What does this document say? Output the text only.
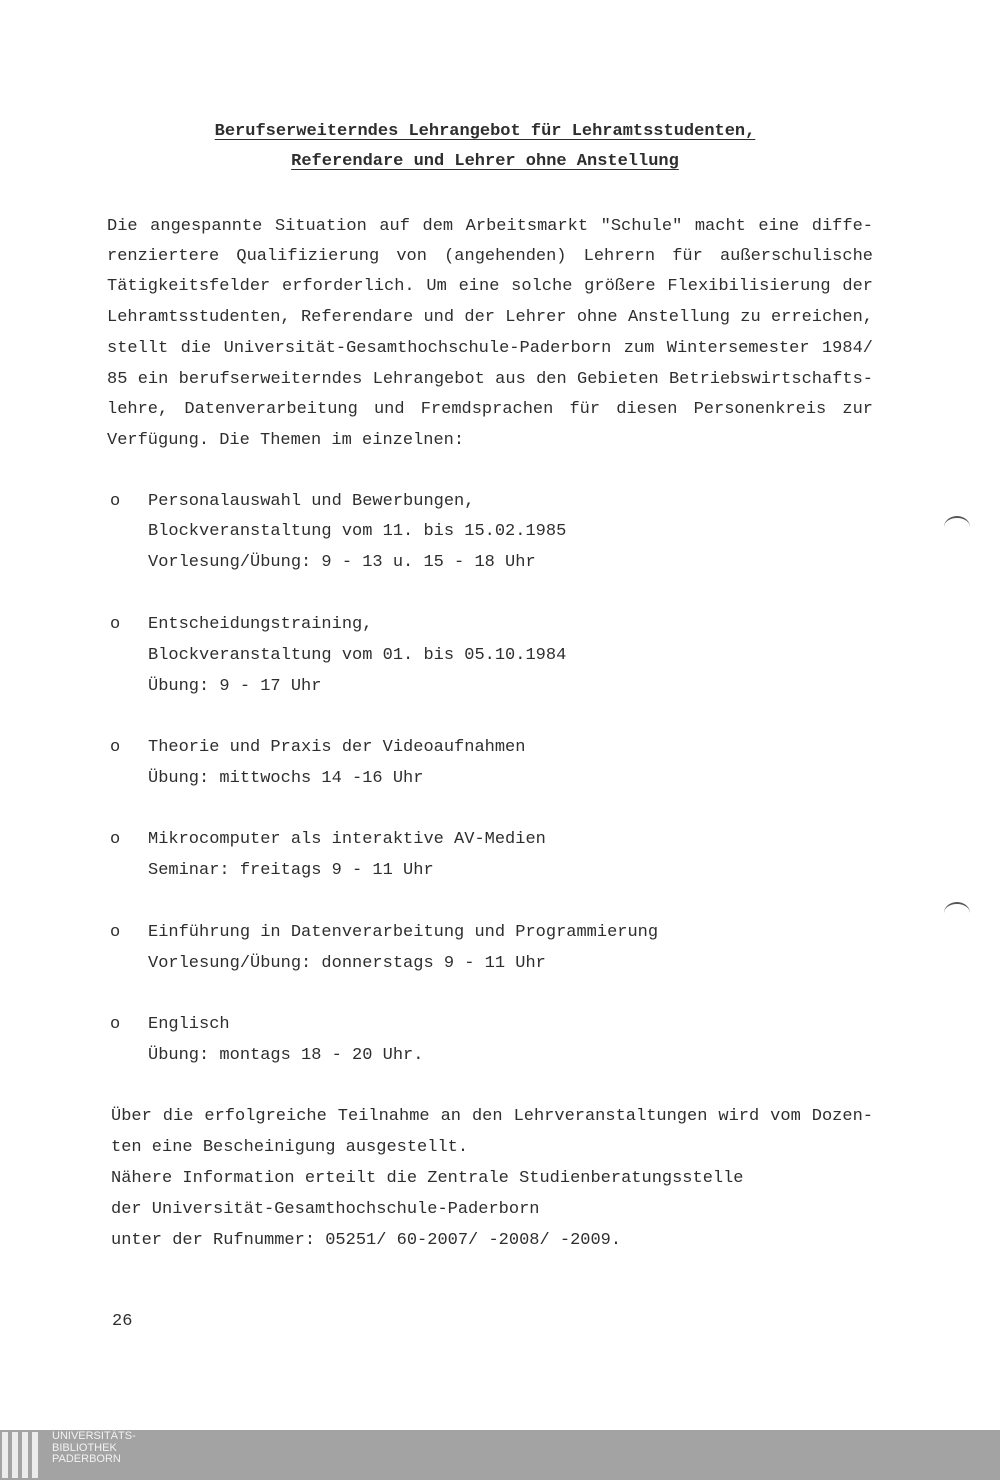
Berufserweiterndes Lehrangebot für Lehramtsstudenten,
Referendare und Lehrer ohne Anstellung
Die angespannte Situation auf dem Arbeitsmarkt "Schule" macht eine diffe-
renziertere Qualifizierung von (angehenden) Lehrern für außerschulische
Tätigkeitsfelder erforderlich. Um eine solche größere Flexibilisierung der
Lehramtsstudenten, Referendare und der Lehrer ohne Anstellung zu erreichen,
stellt die Universität-Gesamthochschule-Paderborn zum Wintersemester 1984/
85 ein berufserweiterndes Lehrangebot aus den Gebieten Betriebswirtschafts-
lehre, Datenverarbeitung und Fremdsprachen für diesen Personenkreis zur
Verfügung. Die Themen im einzelnen:
o Personalauswahl und Bewerbungen,
Blockveranstaltung vom 11. bis 15.02.1985
Vorlesung/Übung: 9 - 13 u. 15 - 18 Uhr
o Entscheidungstraining,
Blockveranstaltung vom 01. bis 05.10.1984
Übung: 9 - 17 Uhr
o Theorie und Praxis der Videoaufnahmen
Übung: mittwochs 14 -16 Uhr
o Mikrocomputer als interaktive AV-Medien
Seminar: freitags 9 - 11 Uhr
o Einführung in Datenverarbeitung und Programmierung
Vorlesung/Übung: donnerstags 9 - 11 Uhr
o Englisch
Übung: montags 18 - 20 Uhr.
Über die erfolgreiche Teilnahme an den Lehrveranstaltungen wird vom Dozen-
ten eine Bescheinigung ausgestellt.
Nähere Information erteilt die Zentrale Studienberatungsstelle
der Universität-Gesamthochschule-Paderborn
unter der Rufnummer: 05251/ 60-2007/ -2008/ -2009.
26
UNIVERSITÄTS-
BIBLIOTHEK
PADERBORN
